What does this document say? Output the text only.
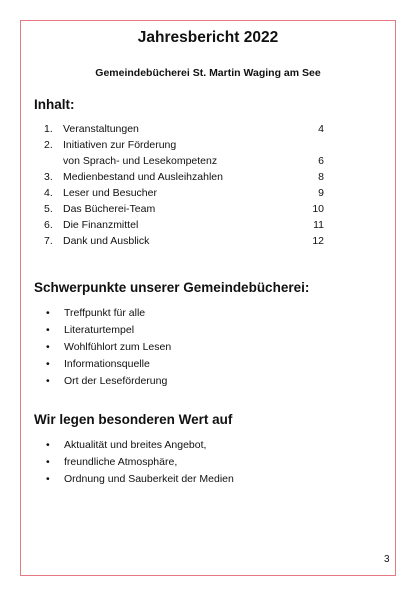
Jahresbericht 2022
Gemeindebücherei St. Martin Waging am See
Inhalt:
1. Veranstaltungen	4
2. Initiativen zur Förderung
von Sprach- und Lesekompetenz	6
3. Medienbestand und Ausleihzahlen	8
4. Leser und Besucher	9
5. Das Bücherei-Team	10
6. Die Finanzmittel	11
7. Dank und Ausblick	12
Schwerpunkte unserer Gemeindebücherei:
• Treffpunkt für alle
• Literaturtempel
• Wohlfühlort zum Lesen
• Informationsquelle
• Ort der Leseförderung
Wir legen besonderen Wert auf
• Aktualität und breites Angebot,
• freundliche Atmosphäre,
• Ordnung und Sauberkeit der Medien
3
